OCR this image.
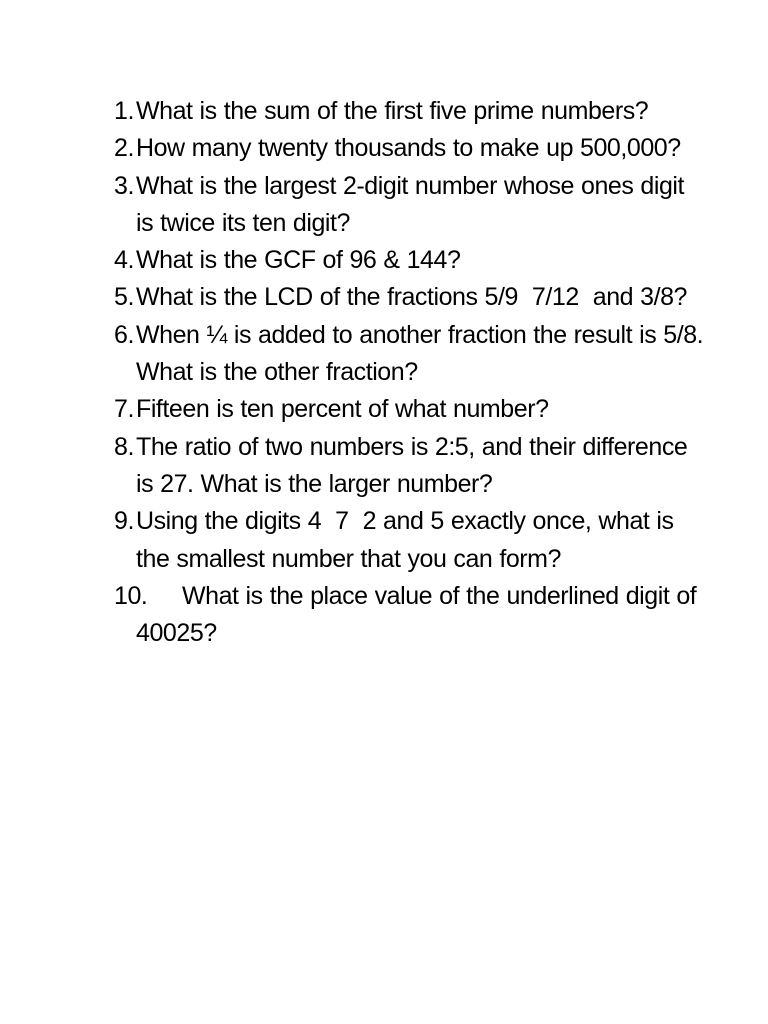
1. What is the sum of the first five prime numbers?
2. How many twenty thousands to make up 500,000?
3. What is the largest 2-digit number whose ones digit is twice its ten digit?
4. What is the GCF of 96 & 144?
5. What is the LCD of the fractions 5/9  7/12  and 3/8?
6. When ¼ is added to another fraction the result is 5/8. What is the other fraction?
7. Fifteen is ten percent of what number?
8. The ratio of two numbers is 2:5, and their difference is 27. What is the larger number?
9. Using the digits 4  7  2 and 5 exactly once, what is the smallest number that you can form?
10.	What is the place value of the underlined digit of 40025?
